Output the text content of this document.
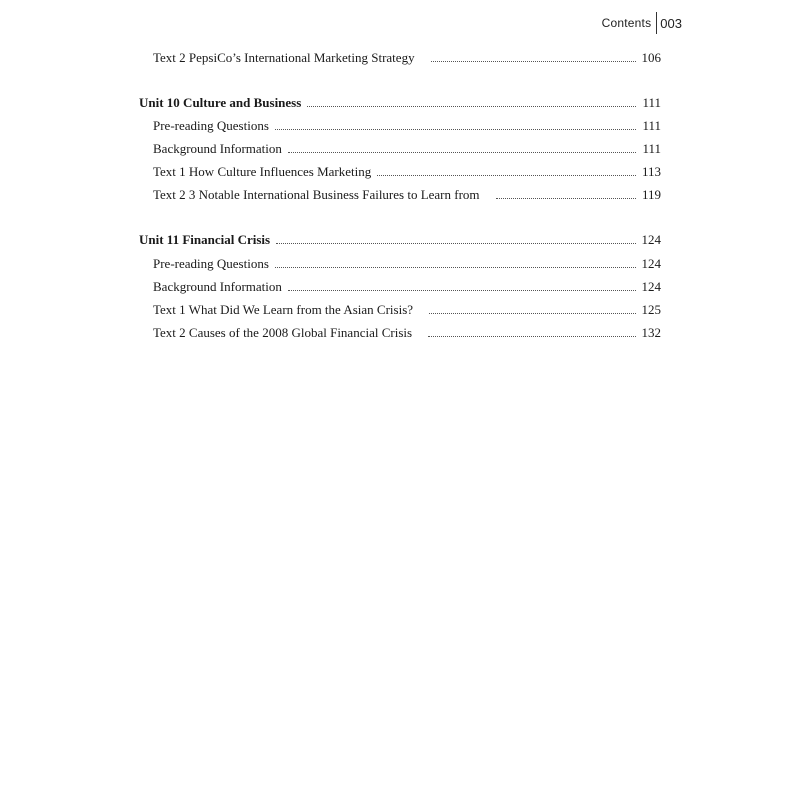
Contents 003
Text 2 PepsiCo’s International Marketing Strategy	106
Unit 10 Culture and Business	111
Pre-reading Questions	111
Background Information	111
Text 1 How Culture Influences Marketing	113
Text 2 3 Notable International Business Failures to Learn from	119
Unit 11 Financial Crisis	124
Pre-reading Questions	124
Background Information	124
Text 1 What Did We Learn from the Asian Crisis?	125
Text 2 Causes of the 2008 Global Financial Crisis	132
